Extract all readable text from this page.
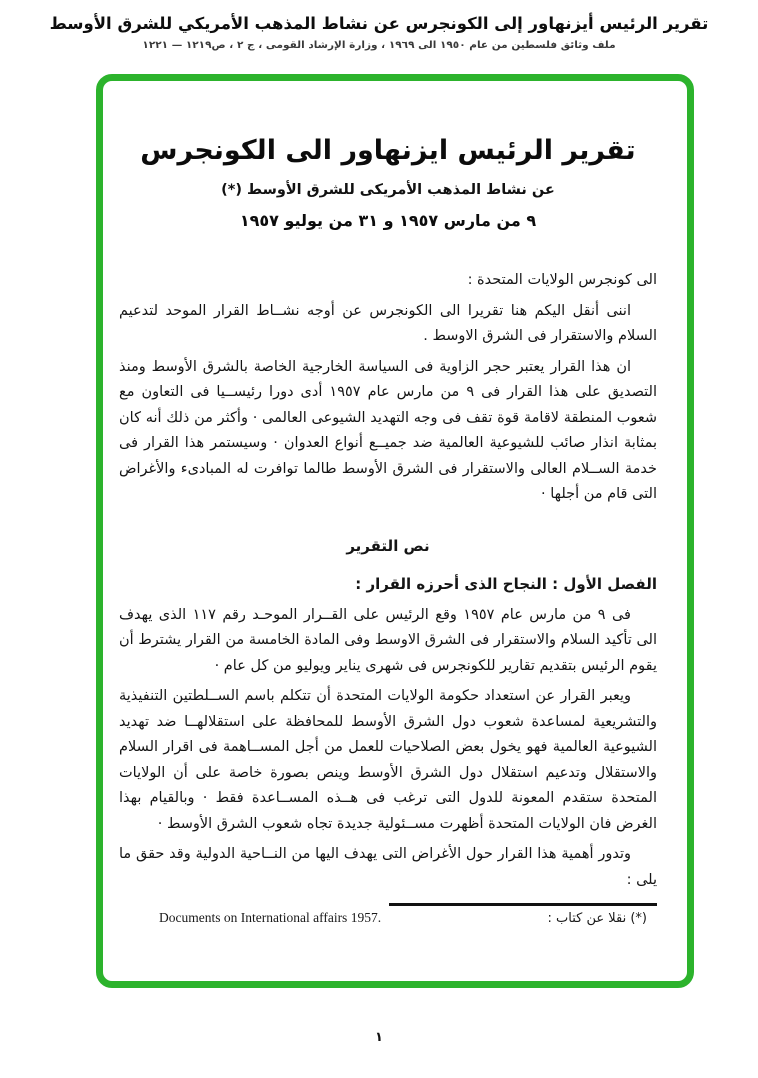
تقرير الرئيس أيزنهاور إلى الكونجرس عن نشاط المذهب الأمريكي للشرق الأوسط
ملف وثائق فلسطين من عام ١٩٥٠ الى ١٩٦٩ ، وزارة الإرشاد القومى ، ج ٢ ، ص١٢١٩ — ١٢٢١
تقرير الرئيس ايزنهاور الى الكونجرس
عن نشاط المذهب الأمريكى للشرق الأوسط (*)
٩ من مارس ١٩٥٧ و ٣١ من يوليو ١٩٥٧
الى كونجرس الولايات المتحدة :

اننى أنقل اليكم هنا تقريرا الى الكونجرس عن أوجه نشــاط القرار الموحد لتدعيم السلام والاستقرار فى الشرق الاوسط .

ان هذا القرار يعتبر حجر الزاوية فى السياسة الخارجية الخاصة بالشرق الأوسط ومنذ التصديق على هذا القرار فى ٩ من مارس عام ١٩٥٧ أدى دورا رئيســيا فى التعاون مع شعوب المنطقة لاقامة قوة تقف فى وجه التهديد الشيوعى العالمى · وأكثر من ذلك أنه كان بمثابة انذار صائب للشيوعية العالمية ضد جميــع أنواع العدوان · وسيستمر هذا القرار فى خدمة الســلام العالى والاستقرار فى الشرق الأوسط طالما توافرت له المبادىء والأغراض التى قام من أجلها ·

نص التقرير
الفصل الأول : النجاح الذى أحرزه القرار :

فى ٩ من مارس عام ١٩٥٧ وقع الرئيس على القــرار الموحـد رقم ١١٧ الذى يهدف الى تأكيد السلام والاستقرار فى الشرق الاوسط وفى المادة الخامسة من القرار يشترط أن يقوم الرئيس بتقديم تقارير للكونجرس فى شهرى يناير ويوليو من كل عام ·

ويعبر القرار عن استعداد حكومة الولايات المتحدة أن تتكلم باسم الســلطتين التنفيذية والتشريعية لمساعدة شعوب دول الشرق الأوسط للمحافظة على استقلالهــا ضد تهديد الشيوعية العالمية فهو يخول بعض الصلاحيات للعمل من أجل المســاهمة فى اقرار السلام والاستقلال وتدعيم استقلال دول الشرق الأوسط وينص بصورة خاصة على أن الولايات المتحدة ستقدم المعونة للدول التى ترغب فى هــذه المســاعدة فقط · وبالقيام بهذا الغرض فان الولايات المتحدة أظهرت مســئولية جديدة تجاه شعوب الشرق الأوسط ·

وتدور أهمية هذا القرار حول الأغراض التى يهدف اليها من النــاحية الدولية وقد حقق ما يلى :

(*) نقلا عن كتاب :
Documents on International affairs 1957.
١
